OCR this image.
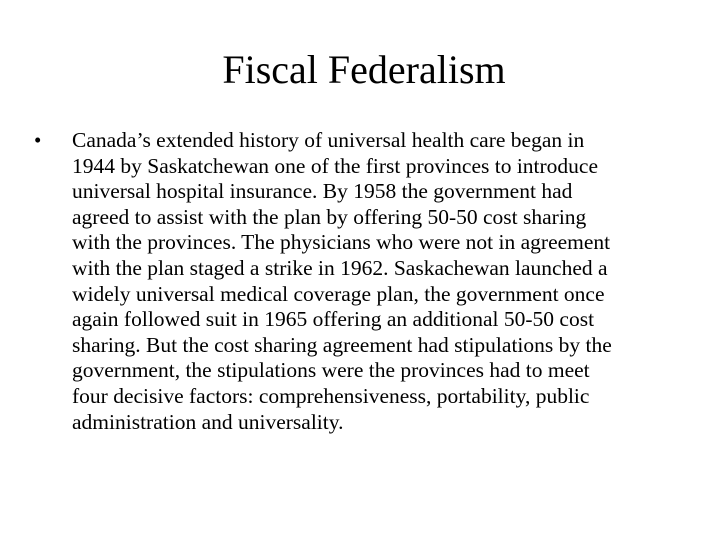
Fiscal Federalism
• Canada’s extended history of universal health care began in
1944 by Saskatchewan one of the first provinces to introduce
universal hospital insurance. By 1958 the government had
agreed to assist with the plan by offering 50-50 cost sharing
with the provinces. The physicians who were not in agreement
with the plan staged a strike in 1962. Saskachewan launched a
widely universal medical coverage plan, the government once
again followed suit in 1965 offering an additional 50-50 cost
sharing. But the cost sharing agreement had stipulations by the
government, the stipulations were the provinces had to meet
four decisive factors: comprehensiveness, portability, public
administration and universality.
